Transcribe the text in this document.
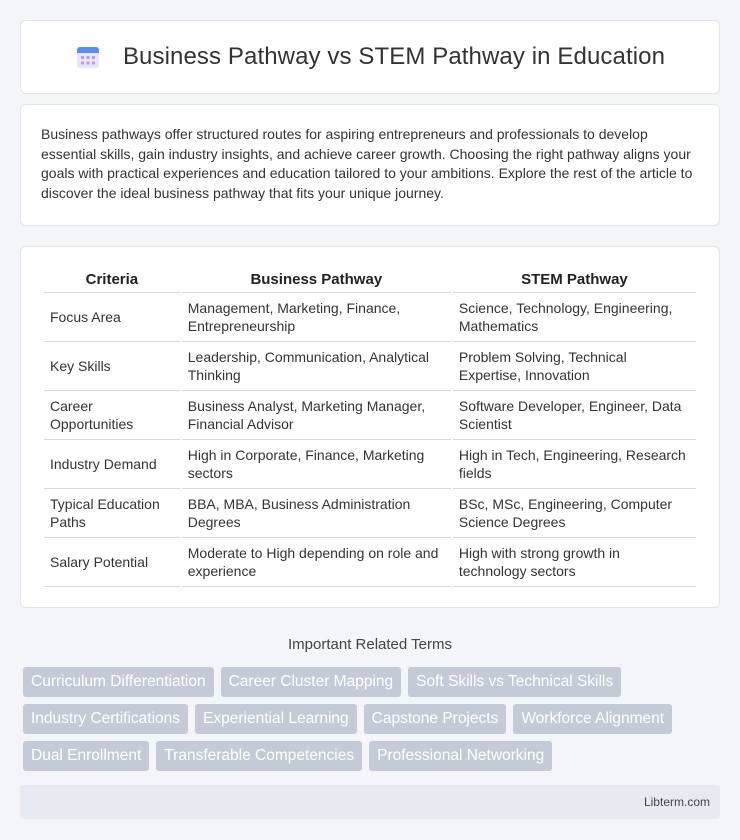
Business Pathway vs STEM Pathway in Education

Business pathways offer structured routes for aspiring entrepreneurs and professionals to develop essential skills, gain industry insights, and achieve career growth. Choosing the right pathway aligns your goals with practical experiences and education tailored to your ambitions. Explore the rest of the article to discover the ideal business pathway that fits your unique journey.

Criteria	Business Pathway	STEM Pathway
Focus Area	Management, Marketing, Finance, Entrepreneurship	Science, Technology, Engineering, Mathematics
Key Skills	Leadership, Communication, Analytical Thinking	Problem Solving, Technical Expertise, Innovation
Career Opportunities	Business Analyst, Marketing Manager, Financial Advisor	Software Developer, Engineer, Data Scientist
Industry Demand	High in Corporate, Finance, Marketing sectors	High in Tech, Engineering, Research fields
Typical Education Paths	BBA, MBA, Business Administration Degrees	BSc, MSc, Engineering, Computer Science Degrees
Salary Potential	Moderate to High depending on role and experience	High with strong growth in technology sectors
Important Related Terms
Curriculum Differentiation	Career Cluster Mapping	Soft Skills vs Technical Skills
Industry Certifications	Experiential Learning	Capstone Projects	Workforce Alignment
Dual Enrollment	Transferable Competencies	Professional Networking
Libterm.com
